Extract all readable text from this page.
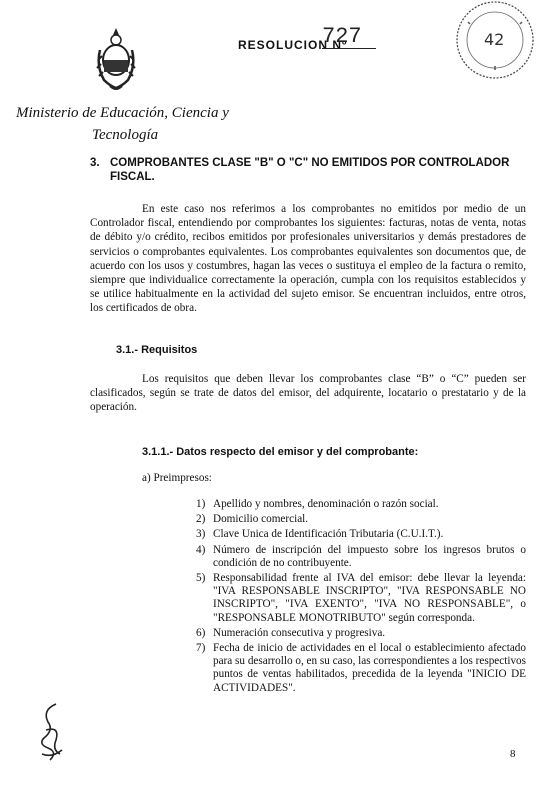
RESOLUCION Nº
727	42
Ministerio de Educación, Ciencia y
Tecnología
3. COMPROBANTES CLASE "B" O "C" NO EMITIDOS POR CONTROLADOR FISCAL.
En este caso nos referimos a los comprobantes no emitidos por medio de un Controlador fiscal, entendiendo por comprobantes los siguientes: facturas, notas de venta, notas de débito y/o crédito, recibos emitidos por profesionales universitarios y demás prestadores de servicios o comprobantes equivalentes. Los comprobantes equivalentes son documentos que, de acuerdo con los usos y costumbres, hagan las veces o sustituya el empleo de la factura o remito, siempre que individualice correctamente la operación, cumpla con los requisitos establecidos y se utilice habitualmente en la actividad del sujeto emisor. Se encuentran incluidos, entre otros, los certificados de obra.
3.1.- Requisitos
Los requisitos que deben llevar los comprobantes clase “B” o “C” pueden ser clasificados, según se trate de datos del emisor, del adquirente, locatario o prestatario y de la operación.
3.1.1.- Datos respecto del emisor y del comprobante:
a) Preimpresos:
1) Apellido y nombres, denominación o razón social.
2) Domicilio comercial.
3) Clave Unica de Identificación Tributaria (C.U.I.T.).
4) Número de inscripción del impuesto sobre los ingresos brutos o condición de no contribuyente.
5) Responsabilidad frente al IVA del emisor: debe llevar la leyenda: "IVA RESPONSABLE INSCRIPTO", "IVA RESPONSABLE NO INSCRIPTO", "IVA EXENTO", "IVA NO RESPONSABLE", o "RESPONSABLE MONOTRIBUTO" según corresponda.
6) Numeración consecutiva y progresiva.
7) Fecha de inicio de actividades en el local o establecimiento afectado para su desarrollo o, en su caso, las correspondientes a los respectivos puntos de ventas habilitados, precedida de la leyenda "INICIO DE ACTIVIDADES".
8
